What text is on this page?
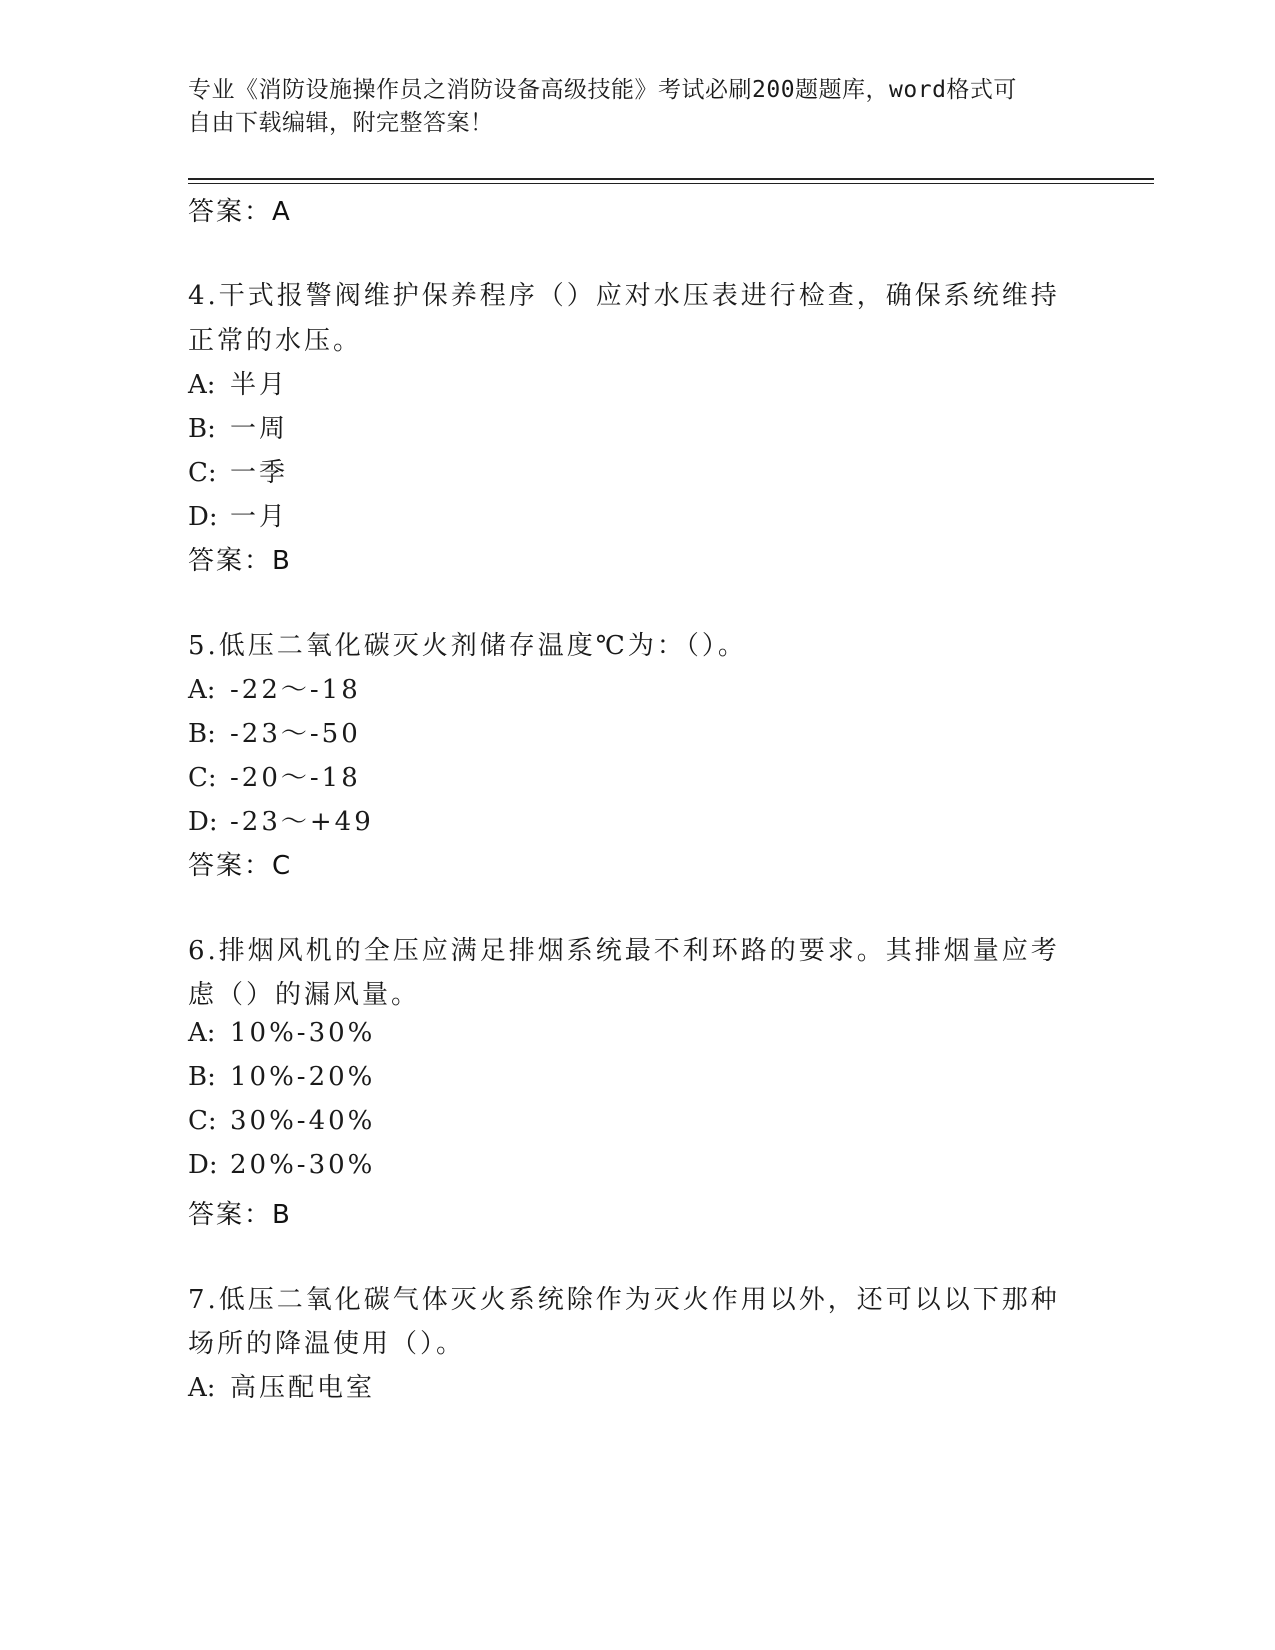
专业《消防设施操作员之消防设备高级技能》考试必刷200题题库，word格式可
自由下载编辑，附完整答案！
答案：A
4.干式报警阀维护保养程序（）应对水压表进行检查，确保系统维持
正常的水压。
A: 半月
B: 一周
C: 一季
D: 一月
答案：B
5.低压二氧化碳灭火剂储存温度℃为：（）。
A: -22～-18
B: -23～-50
C: -20～-18
D: -23～+49
答案：C
6.排烟风机的全压应满足排烟系统最不利环路的要求。其排烟量应考
虑（）的漏风量。
A: 10%-30%
B: 10%-20%
C: 30%-40%
D: 20%-30%
答案：B
7.低压二氧化碳气体灭火系统除作为灭火作用以外，还可以以下那种
场所的降温使用（）。
A: 高压配电室
